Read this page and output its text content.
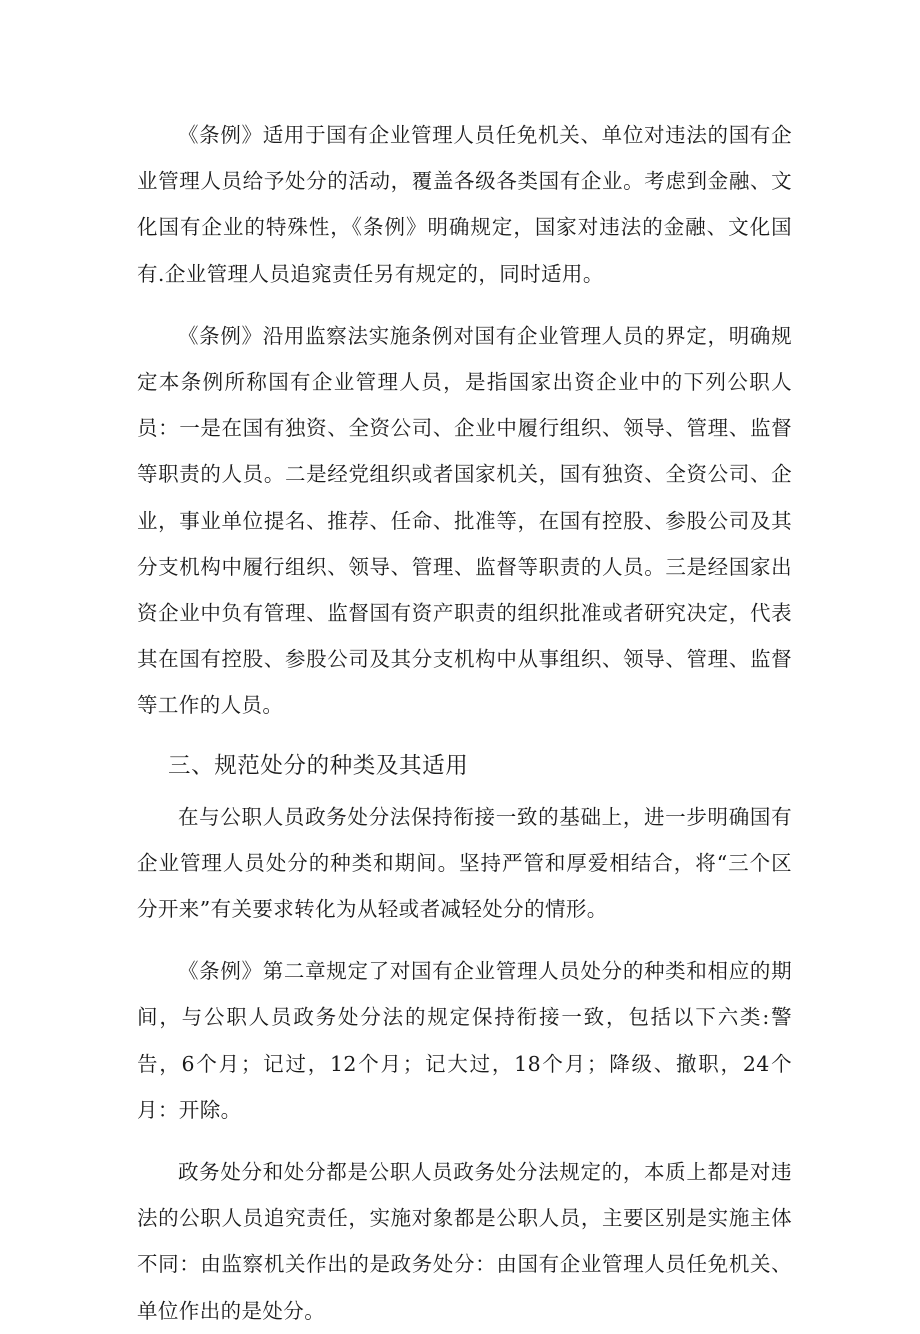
《条例》适用于国有企业管理人员任免机关、单位对违法的国有企业管理人员给予处分的活动，覆盖各级各类国有企业。考虑到金融、文化国有企业的特殊性，《条例》明确规定，国家对违法的金融、文化国有.企业管理人员追窕责任另有规定的，同时适用。

《条例》沿用监察法实施条例对国有企业管理人员的界定，明确规定本条例所称国有企业管理人员，是指国家出资企业中的下列公职人员：一是在国有独资、全资公司、企业中履行组织、领导、管理、监督等职责的人员。二是经党组织或者国家机关，国有独资、全资公司、企业，事业单位提名、推荐、任命、批准等，在国有控股、参股公司及其分支机构中履行组织、领导、管理、监督等职责的人员。三是经国家出资企业中负有管理、监督国有资产职责的组织批准或者研究决定，代表其在国有控股、参股公司及其分支机构中从事组织、领导、管理、监督等工作的人员。

三、规范处分的种类及其适用

在与公职人员政务处分法保持衔接一致的基础上，进一步明确国有企业管理人员处分的种类和期间。坚持严管和厚爱相结合，将“三个区分开来”有关要求转化为从轻或者减轻处分的情形。

《条例》第二章规定了对国有企业管理人员处分的种类和相应的期间，与公职人员政务处分法的规定保持衔接一致，包括以下六类:警告，6个月；记过，12个月；记大过，18个月；降级、撤职，24个月：开除。

政务处分和处分都是公职人员政务处分法规定的，本质上都是对违法的公职人员追究责任，实施对象都是公职人员，主要区别是实施主体不同：由监察机关作出的是政务处分：由国有企业管理人员任免机关、单位作出的是处分。
